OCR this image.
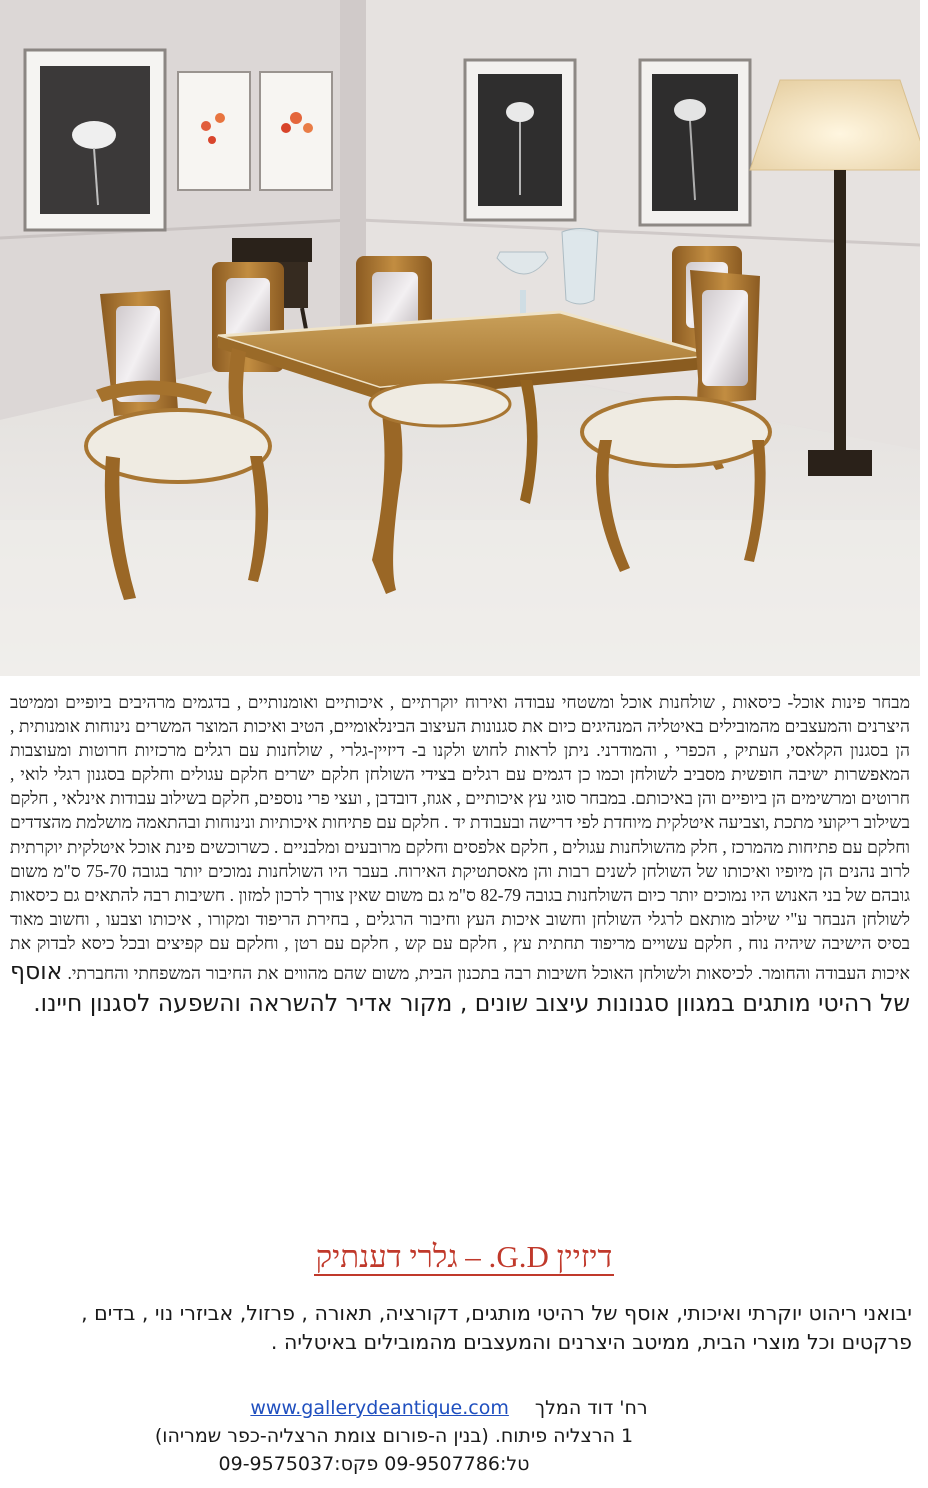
מבחר פינות אוכל- כיסאות , שולחנות אוכל ומשטחי עבודה ואירוח יוקרתיים , איכותיים ואומנותיים , בדגמים מרהיבים ביופיים וממיטב היצרנים והמעצבים מהמובילים באיטליה המנהיגים כיום את סגנונות העיצוב הבינלאומיים, הטיב ואיכות המוצר המשרים נינוחות אומנותית , הן בסגנון הקלאסי, העתיק , הכפרי , והמודרני. ניתן לראות לחוש ולקנו ב- דיזיין-גלרי , שולחנות עם רגלים מרכזיות חרוטות ומעוצבות המאפשרות ישיבה חופשית מסביב לשולחן וכמו כן דגמים עם רגלים בצידי השולחן חלקם ישרים חלקם עגולים וחלקם בסגנון רגלי לואי , חרוטים ומרשימים הן ביופיים והן באיכותם. במבחר סוגי עץ איכותיים , אגוז, דובדבן , ועצי פרי נוספים, חלקם בשילוב עבודות אינלאי , חלקם בשילוב ריקועי מתכת ,וצביעה איטלקית מיוחדת לפי דרישה ובעבודת יד . חלקם עם פתיחות איכותיות ונינוחות ובהתאמה מושלמת מהצדדים וחלקם עם פתיחות מהמרכז , חלק מהשולחנות עגולים , חלקם אלפסים וחלקם מרובעים ומלבניים . כשרוכשים פינת אוכל איטלקית יוקרתית לרוב נהנים הן מיופיו ואיכותו של השולחן לשנים רבות והן מאסתטיקת האירוח. בעבר היו השולחנות נמוכים יותר בגובה 75-70 ס"מ משום גובהם של בני האנוש היו נמוכים יותר כיום השולחנות בגובה 82-79 ס"מ גם משום שאין צורך לרכון למזון . חשיבות רבה להתאים גם כיסאות לשולחן הנבחר ע"י שילוב מותאם לרגלי השולחן וחשוב איכות העץ וחיבור הרגלים , בחירת הריפוד ומקורו , איכותו וצבעו , וחשוב מאוד בסיס הישיבה שיהיה נוח , חלקם עשויים מריפוד תחתית עץ , חלקם עם קש , חלקם עם רטן , וחלקם עם קפיצים ובכל כיסא לבדוק את איכות העבודה והחומר. לכיסאות ולשולחן האוכל חשיבות רבה בתכנון הבית, משום שהם מהווים את החיבור המשפחתי והחברתי. אוסף של רהיטי מותגים במגוון סגנונות עיצוב שונים , מקור אדיר להשראה והשפעה לסגנון חיינו.
דיזיין G.D. – גלרי דענתיק

יבואני ריהוט יוקרתי ואיכותי, אוסף של רהיטי מותגים, דקורציה, תאורה , פרזול, אביזרי נוי , בדים , פרקטים וכל מוצרי הבית, ממיטב היצרנים והמעצבים מהמובילים באיטליה .

רח' דוד המלך www.gallerydeantique.com
1 הרצליה פיתוח. (בנין ה-פורום צומת הרצליה-כפר שמריהו)
טל:09-9507786 פקס:09-9575037
